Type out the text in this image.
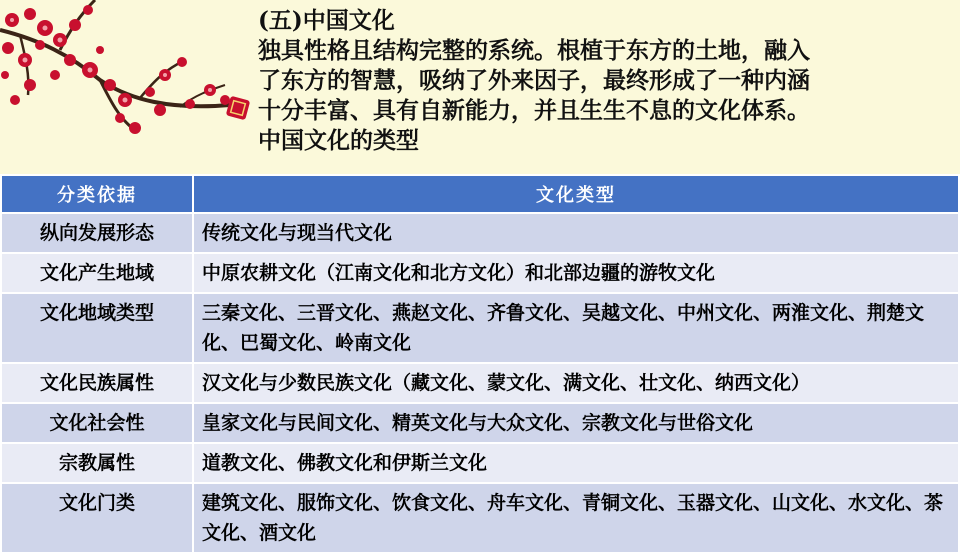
(五)中国文化
独具性格且结构完整的系统。根植于东方的土地，融入
了东方的智慧，吸纳了外来因子，最终形成了一种内涵
十分丰富、具有自新能力，并且生生不息的文化体系。
中国文化的类型
分类依据	文化类型
纵向发展形态	传统文化与现当代文化
文化产生地域	中原农耕文化（江南文化和北方文化）和北部边疆的游牧文化
文化地域类型	三秦文化、三晋文化、燕赵文化、齐鲁文化、吴越文化、中州文化、两淮文化、荆楚文化、巴蜀文化、岭南文化
文化民族属性	汉文化与少数民族文化（藏文化、蒙文化、满文化、壮文化、纳西文化）
文化社会性	皇家文化与民间文化、精英文化与大众文化、宗教文化与世俗文化
宗教属性	道教文化、佛教文化和伊斯兰文化
文化门类	建筑文化、服饰文化、饮食文化、舟车文化、青铜文化、玉器文化、山文化、水文化、茶文化、酒文化
